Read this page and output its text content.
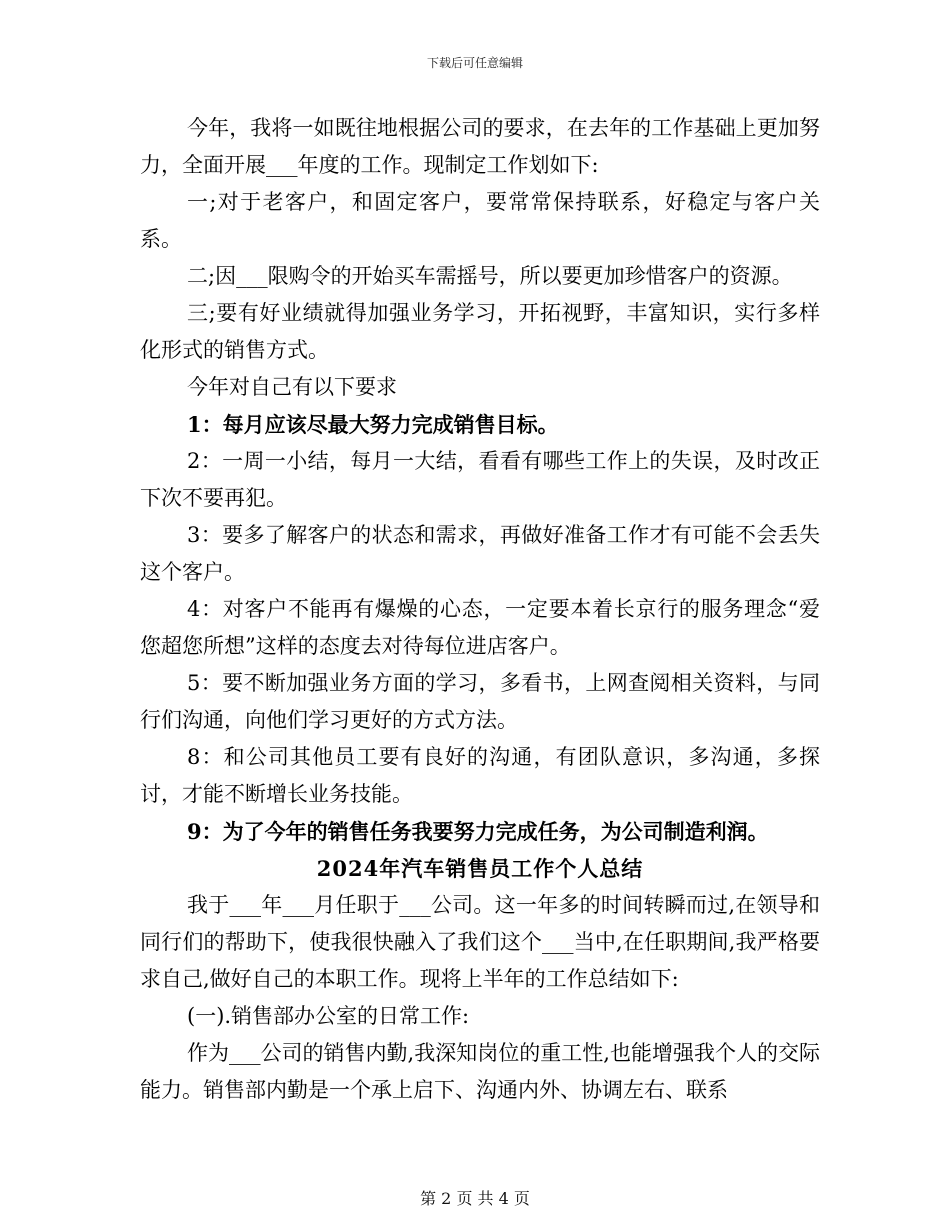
下载后可任意编辑

今年，我将一如既往地根据公司的要求，在去年的工作基础上更加努力，全面开展___年度的工作。现制定工作划如下:

一;对于老客户，和固定客户，要常常保持联系，好稳定与客户关系。

二;因___限购令的开始买车需摇号，所以要更加珍惜客户的资源。

三;要有好业绩就得加强业务学习，开拓视野，丰富知识，实行多样化形式的销售方式。

今年对自己有以下要求

1：每月应该尽最大努力完成销售目标。

2：一周一小结，每月一大结，看看有哪些工作上的失误，及时改正下次不要再犯。

3：要多了解客户的状态和需求，再做好准备工作才有可能不会丢失这个客户。

4：对客户不能再有爆燥的心态，一定要本着长京行的服务理念“爱您超您所想”这样的态度去对待每位进店客户。

5：要不断加强业务方面的学习，多看书，上网查阅相关资料，与同行们沟通，向他们学习更好的方式方法。

8：和公司其他员工要有良好的沟通，有团队意识，多沟通，多探讨，才能不断增长业务技能。

9：为了今年的销售任务我要努力完成任务，为公司制造利润。

2024年汽车销售员工作个人总结

我于___年___月任职于___公司。这一年多的时间转瞬而过,在领导和同行们的帮助下，使我很快融入了我们这个___当中,在任职期间,我严格要求自己,做好自己的本职工作。现将上半年的工作总结如下:

(一).销售部办公室的日常工作:

作为___公司的销售内勤,我深知岗位的重工性,也能增强我个人的交际能力。销售部内勤是一个承上启下、沟通内外、协调左右、联系

第 2 页 共 4 页
